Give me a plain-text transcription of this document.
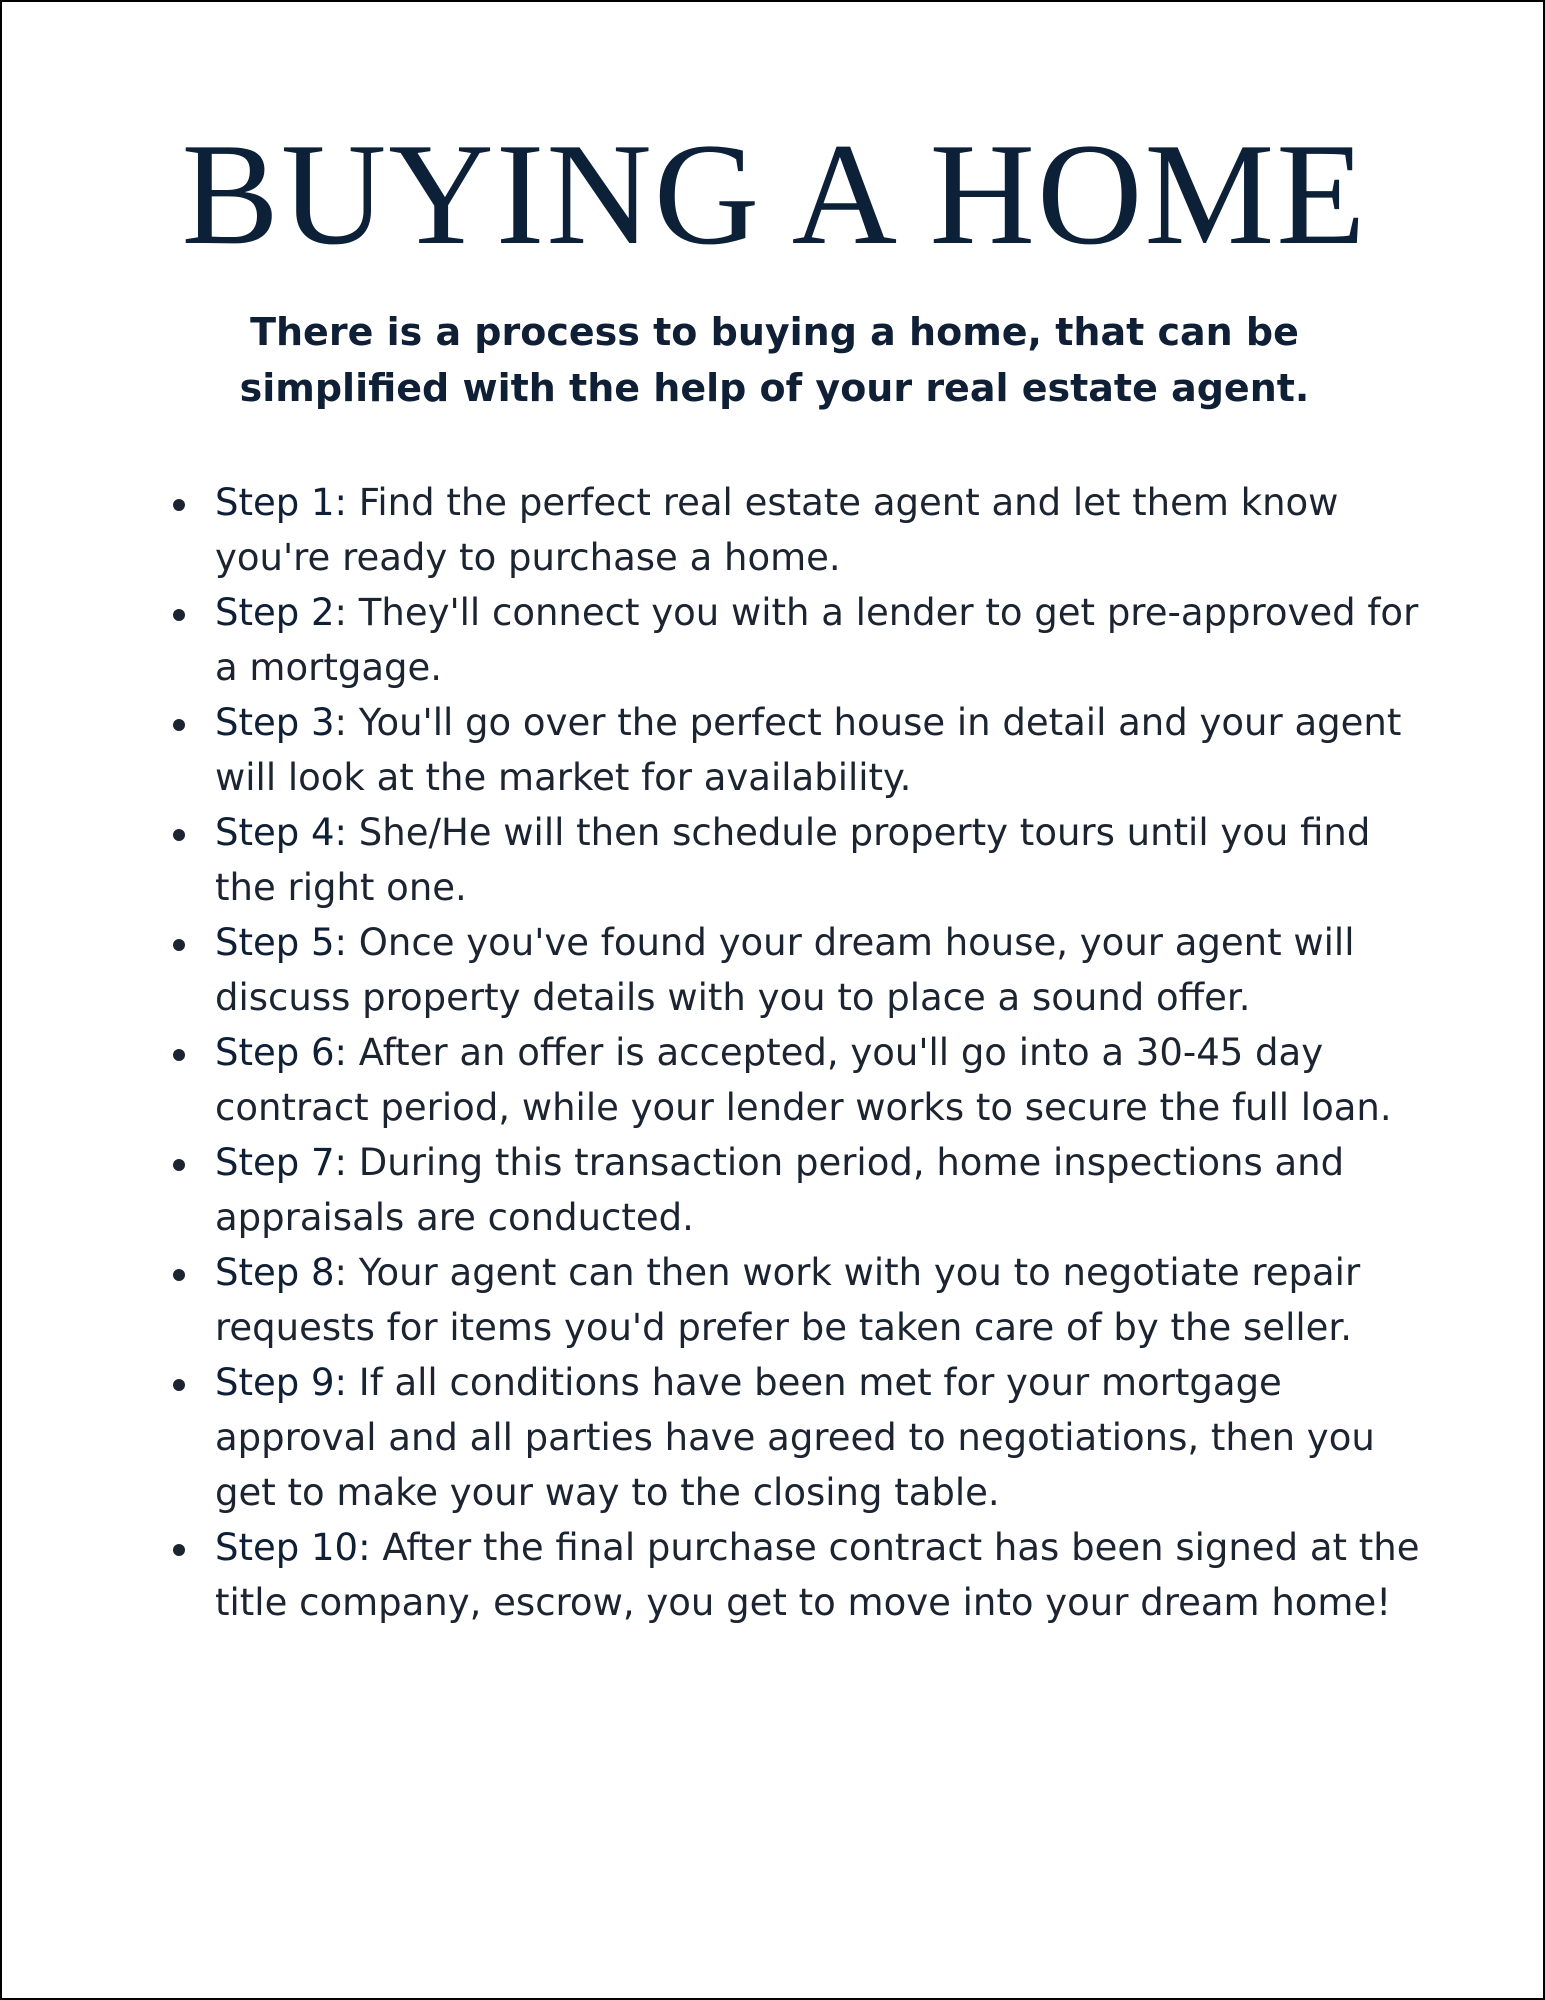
BUYING A HOME

There is a process to buying a home, that can be
simplified with the help of your real estate agent.

Step 1: Find the perfect real estate agent and let them know you're ready to purchase a home.
Step 2: They'll connect you with a lender to get pre-approved for a mortgage.
Step 3: You'll go over the perfect house in detail and your agent will look at the market for availability.
Step 4: She/He will then schedule property tours until you find the right one.
Step 5: Once you've found your dream house, your agent will discuss property details with you to place a sound offer.
Step 6: After an offer is accepted, you'll go into a 30-45 day contract period, while your lender works to secure the full loan.
Step 7: During this transaction period, home inspections and appraisals are conducted.
Step 8: Your agent can then work with you to negotiate repair requests for items you'd prefer be taken care of by the seller.
Step 9: If all conditions have been met for your mortgage approval and all parties have agreed to negotiations, then you get to make your way to the closing table.
Step 10: After the final purchase contract has been signed at the title company, escrow, you get to move into your dream home!
